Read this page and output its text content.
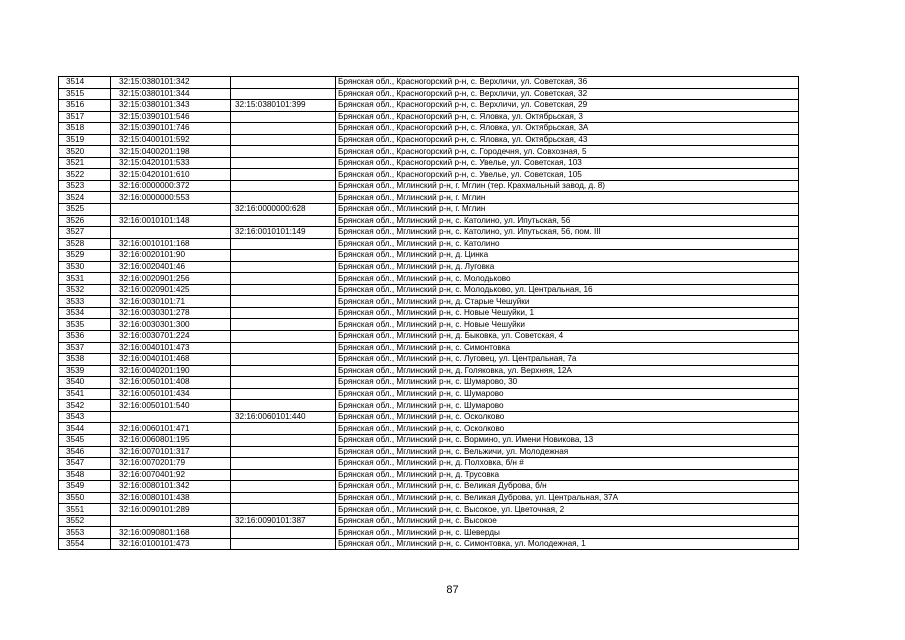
3514	32:15:0380101:342		Брянская обл., Красногорский р-н, с. Верхличи, ул. Советская, 36
3515	32:15:0380101:344		Брянская обл., Красногорский р-н, с. Верхличи, ул. Советская, 32
3516	32:15:0380101:343	32:15:0380101:399	Брянская обл., Красногорский р-н, с. Верхличи, ул. Советская, 29
3517	32:15:0390101:546		Брянская обл., Красногорский р-н, с. Яловка, ул. Октябрьская, 3
3518	32:15:0390101:746		Брянская обл., Красногорский р-н, с. Яловка, ул. Октябрьская, 3А
3519	32:15:0400101:592		Брянская обл., Красногорский р-н, с. Яловка, ул. Октябрьская, 43
3520	32:15:0400201:198		Брянская обл., Красногорский р-н, с. Городечня, ул. Совхозная, 5
3521	32:15:0420101:533		Брянская обл., Красногорский р-н, с. Увелье, ул. Советская, 103
3522	32:15:0420101:610		Брянская обл., Красногорский р-н, с. Увелье, ул. Советская, 105
3523	32:16:0000000:372		Брянская обл., Мглинский р-н, г. Мглин (тер. Крахмальный завод, д. 8)
3524	32:16:0000000:553		Брянская обл., Мглинский р-н, г. Мглин
3525		32:16:0000000:628	Брянская обл., Мглинский р-н, г. Мглин
3526	32:16:0010101:148		Брянская обл., Мглинский р-н, с. Католино, ул. Ипутьская, 56
3527		32:16:0010101:149	Брянская обл., Мглинский р-н, с. Католино, ул. Ипутьская, 56, пом. III
3528	32:16:0010101:168		Брянская обл., Мглинский р-н, с. Католино
3529	32:16:0020101:90		Брянская обл., Мглинский р-н, д. Цинка
3530	32:16:0020401:46		Брянская обл., Мглинский р-н, д. Луговка
3531	32:16:0020901:256		Брянская обл., Мглинский р-н, с. Молодьково
3532	32:16:0020901:425		Брянская обл., Мглинский р-н, с. Молодьково, ул. Центральная, 16
3533	32:16:0030101:71		Брянская обл., Мглинский р-н, д. Старые Чешуйки
3534	32:16:0030301:278		Брянская обл., Мглинский р-н, с. Новые Чешуйки, 1
3535	32:16:0030301:300		Брянская обл., Мглинский р-н, с. Новые Чешуйки
3536	32:16:0030701:224		Брянская обл., Мглинский р-н, д. Быковка, ул. Советская, 4
3537	32:16:0040101:473		Брянская обл., Мглинский р-н, с. Симонтовка
3538	32:16:0040101:468		Брянская обл., Мглинский р-н, с. Луговец, ул. Центральная, 7а
3539	32:16:0040201:190		Брянская обл., Мглинский р-н, д. Голяковка, ул. Верхняя, 12А
3540	32:16:0050101:408		Брянская обл., Мглинский р-н, с. Шумарово, 30
3541	32:16:0050101:434		Брянская обл., Мглинский р-н, с. Шумарово
3542	32:16:0050101:540		Брянская обл., Мглинский р-н, с. Шумарово
3543		32:16:0060101:440	Брянская обл., Мглинский р-н, с. Осколково
3544	32:16:0060101:471		Брянская обл., Мглинский р-н, с. Осколково
3545	32:16:0060801:195		Брянская обл., Мглинский р-н, с. Вормино, ул. Имени Новикова, 13
3546	32:16:0070101:317		Брянская обл., Мглинский р-н, с. Вельжичи, ул. Молодежная
3547	32:16:0070201:79		Брянская обл., Мглинский р-н, д. Полховка, б/н #
3548	32:16:0070401:92		Брянская обл., Мглинский р-н, д. Трусовка
3549	32:16:0080101:342		Брянская обл., Мглинский р-н, с. Великая Дуброва, б/н
3550	32:16:0080101:438		Брянская обл., Мглинский р-н, с. Великая Дуброва, ул. Центральная, 37А
3551	32:16:0090101:289		Брянская обл., Мглинский р-н, с. Высокое, ул. Цветочная, 2
3552		32:16:0090101:387	Брянская обл., Мглинский р-н, с. Высокое
3553	32:16:0090801:168		Брянская обл., Мглинский р-н, с. Шеверды
3554	32:16:0100101:473		Брянская обл., Мглинский р-н, с. Симонтовка, ул. Молодежная, 1
87
